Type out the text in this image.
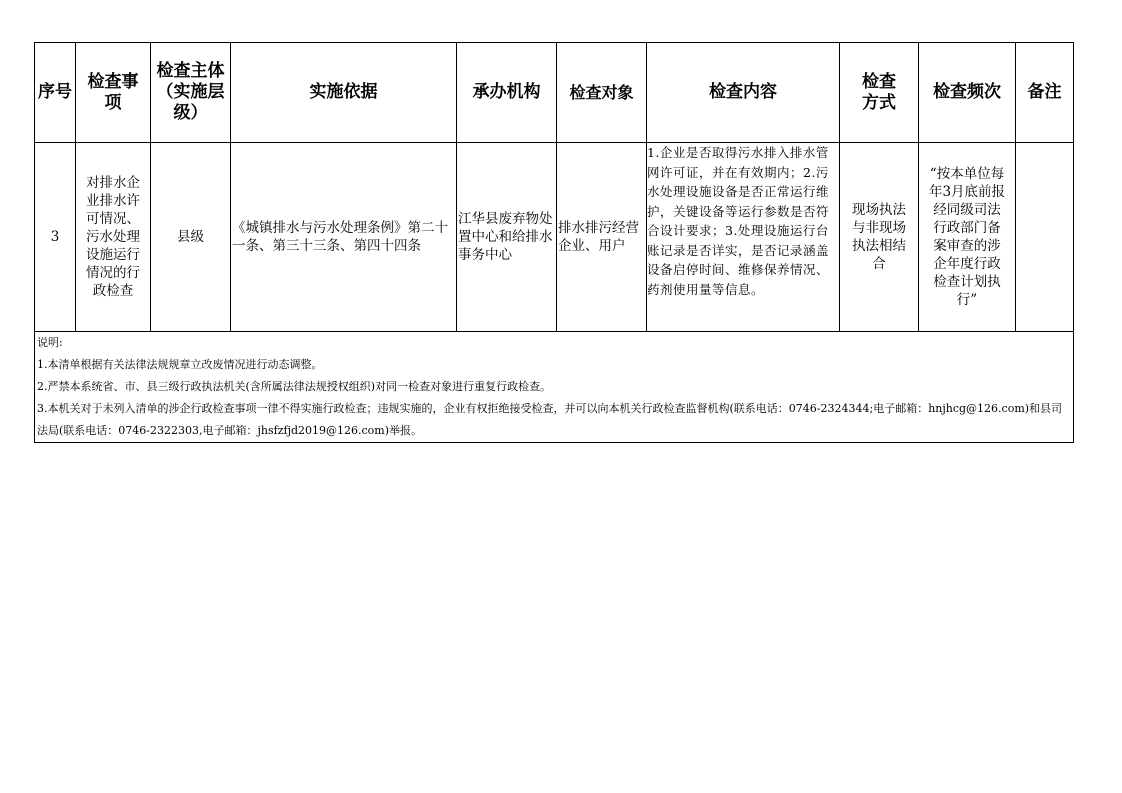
序号	检查事项	检查主体（实施层级）	实施依据	承办机构	检查对象	检查内容	检查方式	检查频次	备注
3	对排水企业排水许可情况、污水处理设施运行情况的行政检查	县级	《城镇排水与污水处理条例》第二十一条、第三十三条、第四十四条	江华县废弃物处置中心和给排水事务中心	排水排污经营企业、用户	1.企业是否取得污水排入排水管网许可证，并在有效期内；2.污水处理设施设备是否正常运行维护，关键设备等运行参数是否符合设计要求；3.处理设施运行台账记录是否详实，是否记录涵盖设备启停时间、维修保养情况、药剂使用量等信息。	现场执法与非现场执法相结合	“按本单位每年3月底前报经同级司法行政部门备案审查的涉企年度行政检查计划执行”	

说明:
1.本清单根据有关法律法规规章立改废情况进行动态调整。
2.严禁本系统省、市、县三级行政执法机关(含所属法律法规授权组织)对同一检查对象进行重复行政检查。
3.本机关对于未列入清单的涉企行政检查事项一律不得实施行政检查；违规实施的，企业有权拒绝接受检查，并可以向本机关行政检查监督机构(联系电话：0746-2324344;电子邮箱：hnjhcg@126.com)和县司法局(联系电话：0746-2322303,电子邮箱：jhsfzfjd2019@126.com)举报。									
